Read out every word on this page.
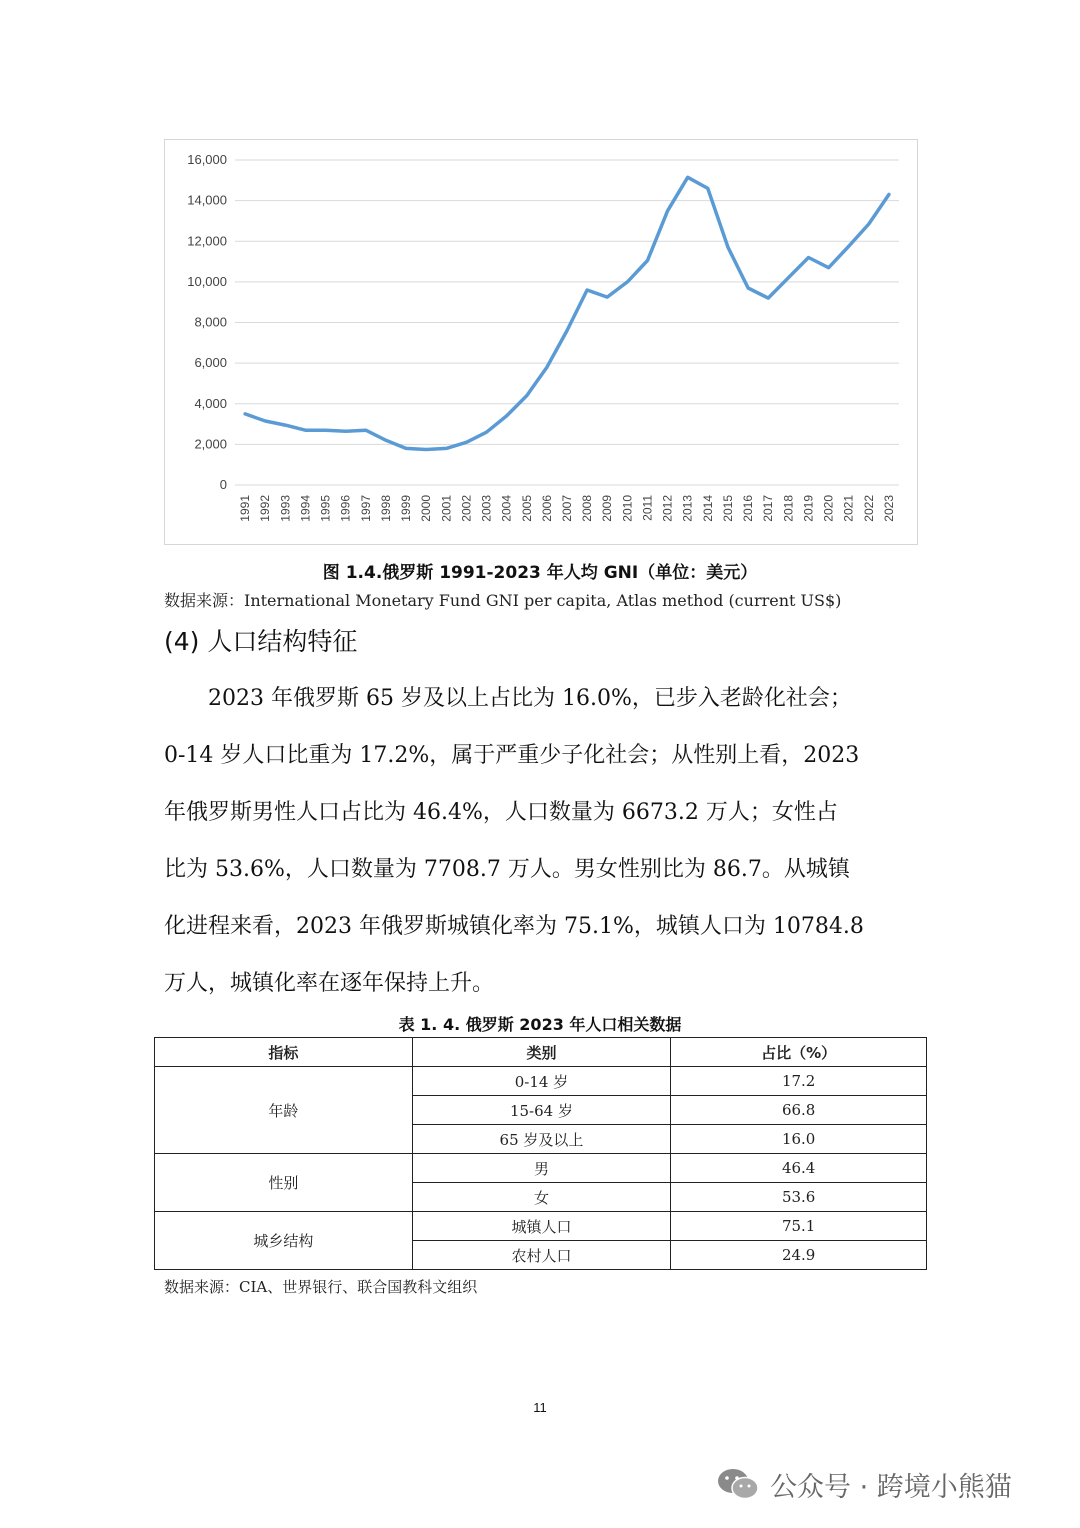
0
2,000
4,000
6,000
8,000
10,000
12,000
14,000
16,000
1991 1992 1993 1994 1995 1996 1997 1998 1999 2000 2001 2002 2003 2004 2005 2006 2007 2008 2009 2010 2011 2012 2013 2014 2015 2016 2017 2018 2019 2020 2021 2022 2023
图 1.4.俄罗斯 1991-2023 年人均 GNI（单位：美元）
数据来源：International Monetary Fund GNI per capita, Atlas method (current US$)
(4) 人口结构特征
　　2023 年俄罗斯 65 岁及以上占比为 16.0%，已步入老龄化社会；
0-14 岁人口比重为 17.2%，属于严重少子化社会；从性别上看，2023
年俄罗斯男性人口占比为 46.4%，人口数量为 6673.2 万人；女性占
比为 53.6%，人口数量为 7708.7 万人。男女性别比为 86.7。从城镇
化进程来看，2023 年俄罗斯城镇化率为 75.1%，城镇人口为 10784.8
万人，城镇化率在逐年保持上升。
表 1. 4. 俄罗斯 2023 年人口相关数据
指标	类别	占比（%）
年龄	0-14 岁	17.2
	15-64 岁	66.8
	65 岁及以上	16.0
性别	男	46.4
	女	53.6
城乡结构	城镇人口	75.1
	农村人口	24.9
数据来源：CIA、世界银行、联合国教科文组织
11
公众号 · 跨境小熊猫
